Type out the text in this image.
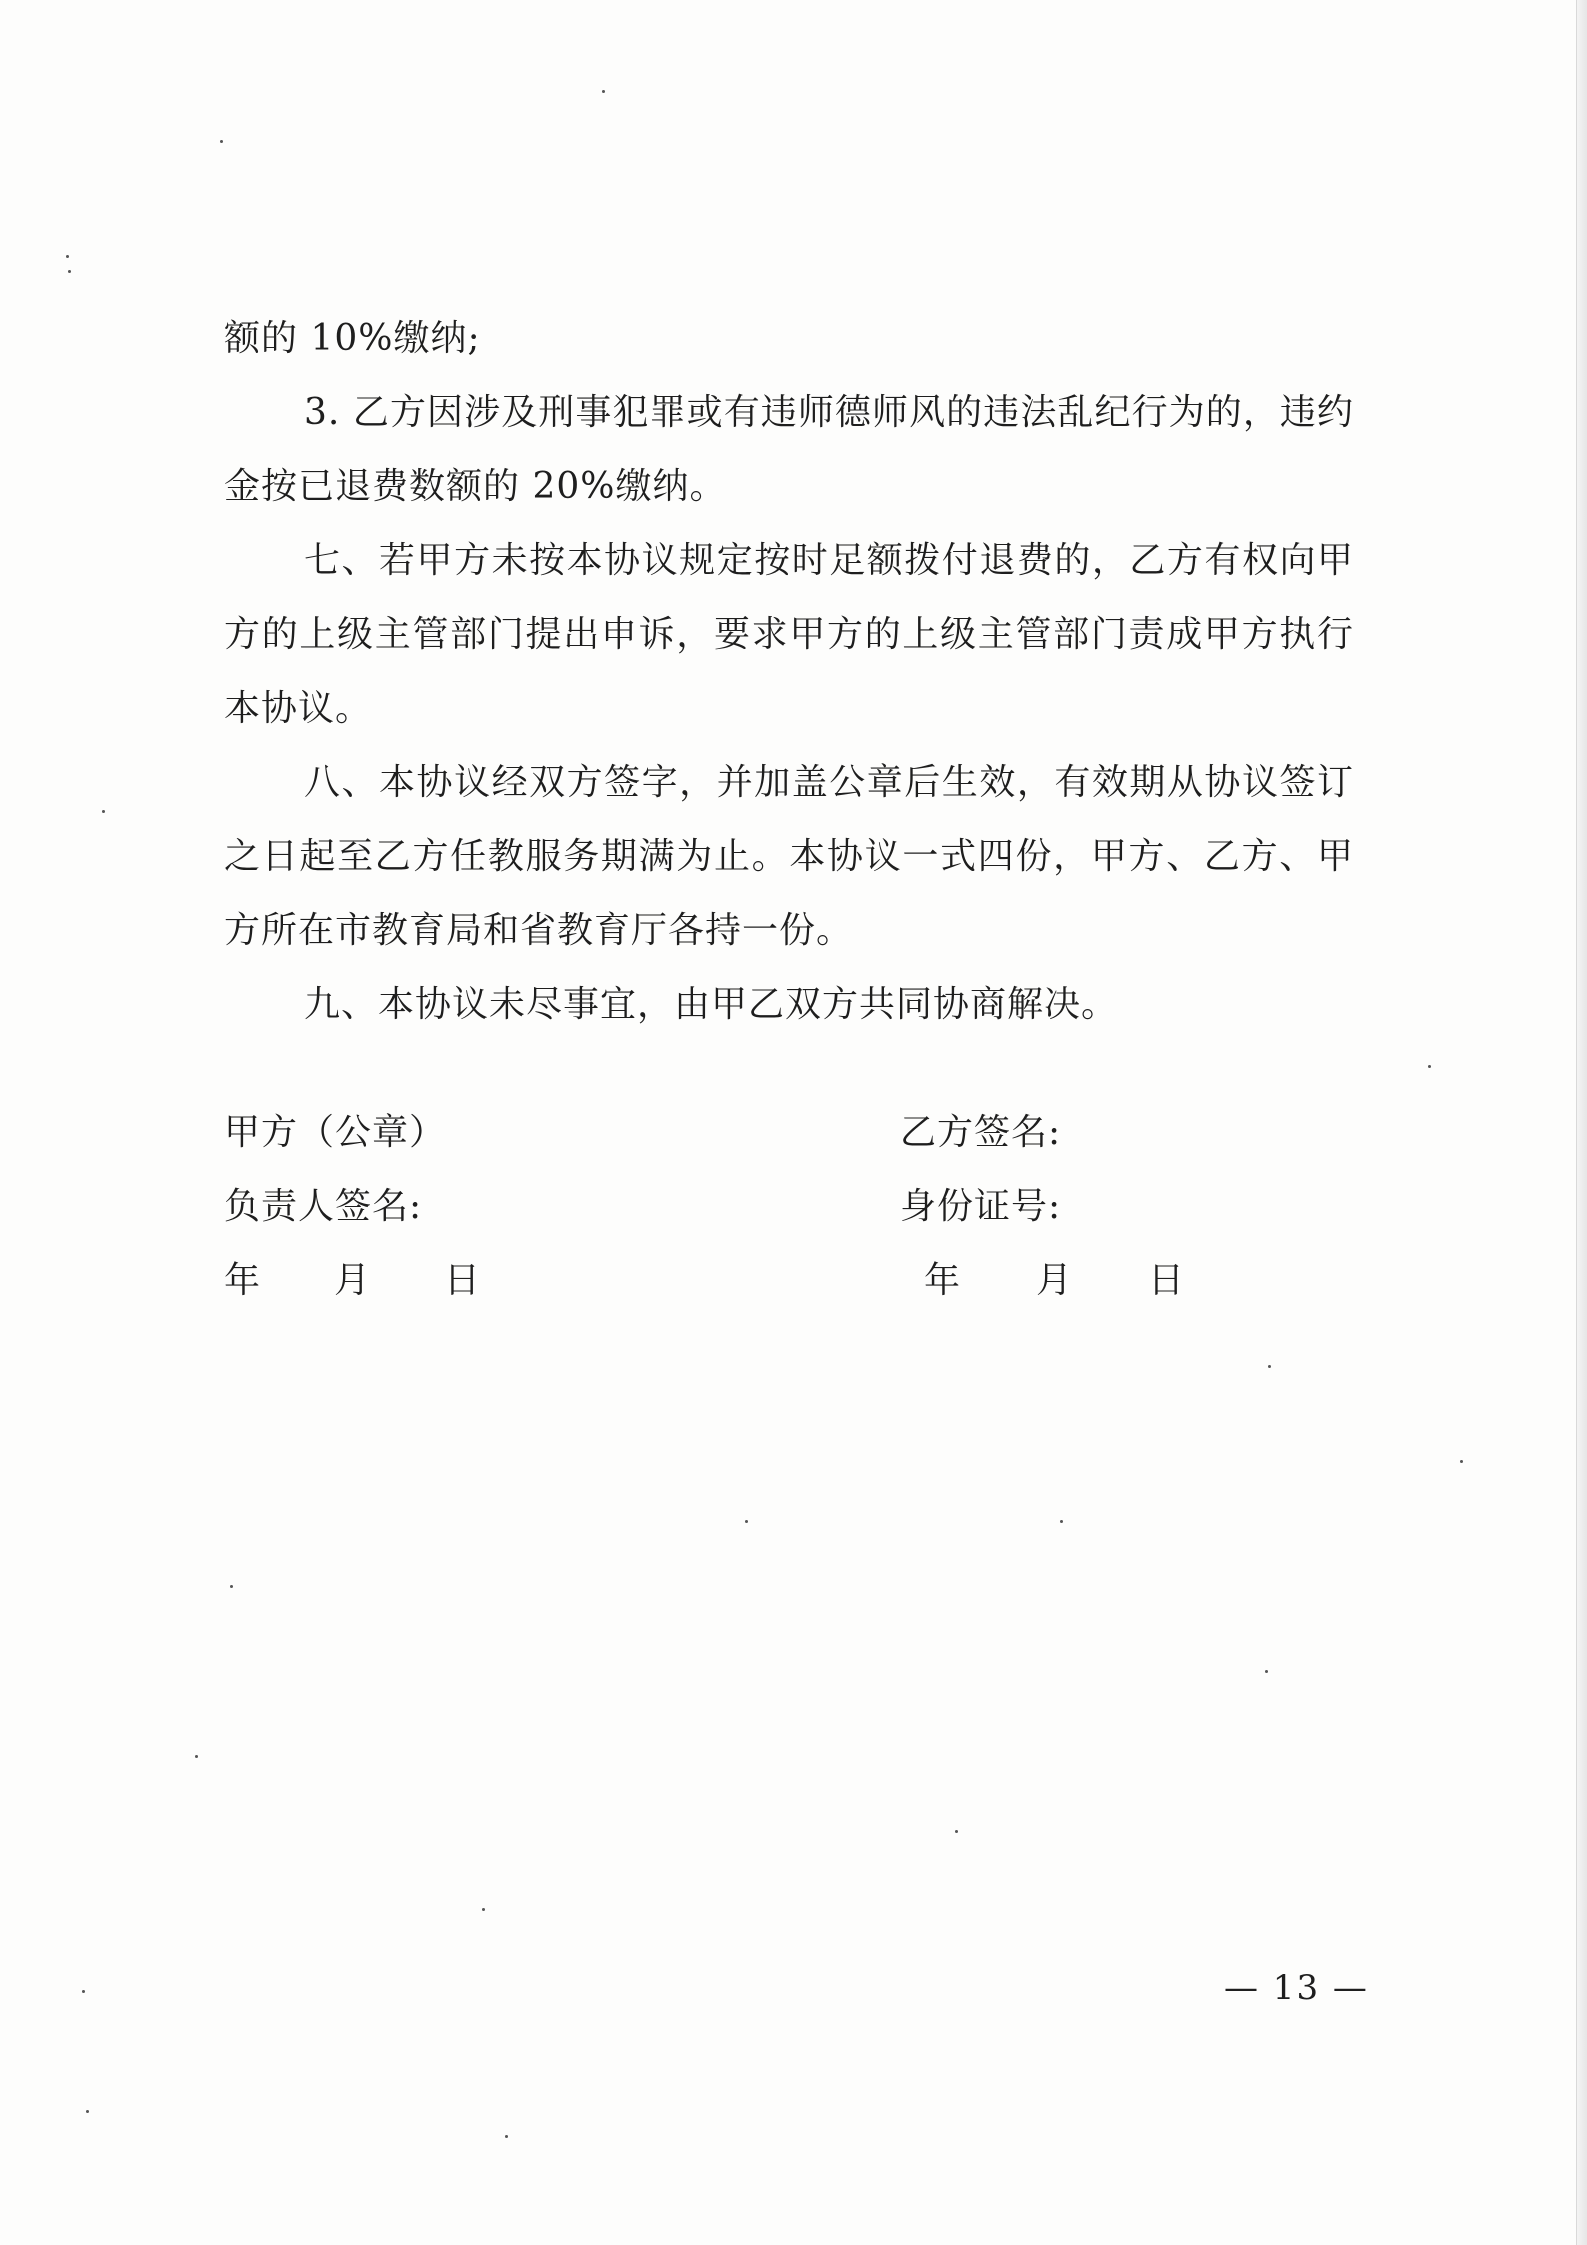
额的 10%缴纳;

3. 乙方因涉及刑事犯罪或有违师德师风的违法乱纪行为的，违约金按已退费数额的 20%缴纳。

七、若甲方未按本协议规定按时足额拨付退费的，乙方有权向甲方的上级主管部门提出申诉，要求甲方的上级主管部门责成甲方执行本协议。

八、本协议经双方签字，并加盖公章后生效，有效期从协议签订之日起至乙方任教服务期满为止。本协议一式四份，甲方、乙方、甲方所在市教育局和省教育厅各持一份。

九、本协议未尽事宜，由甲乙双方共同协商解决。

甲方（公章）

负责人签名:

年 月 日

乙方签名:

身份证号:

年 月 日

— 13 —
